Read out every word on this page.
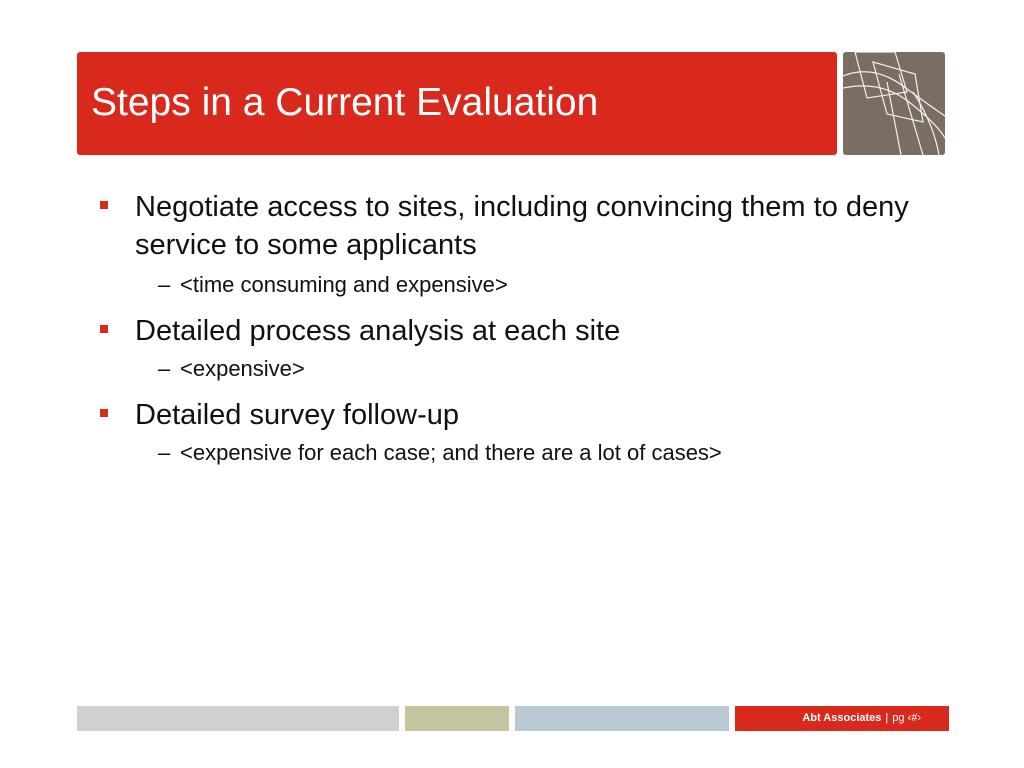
Steps in a Current Evaluation
Negotiate access to sites, including convincing them to deny service to some applicants
– <time consuming and expensive>
Detailed process analysis at each site
– <expensive>
Detailed survey follow-up
– <expensive for each case; and there are a lot of cases>
Abt Associates | pg ‹#›
